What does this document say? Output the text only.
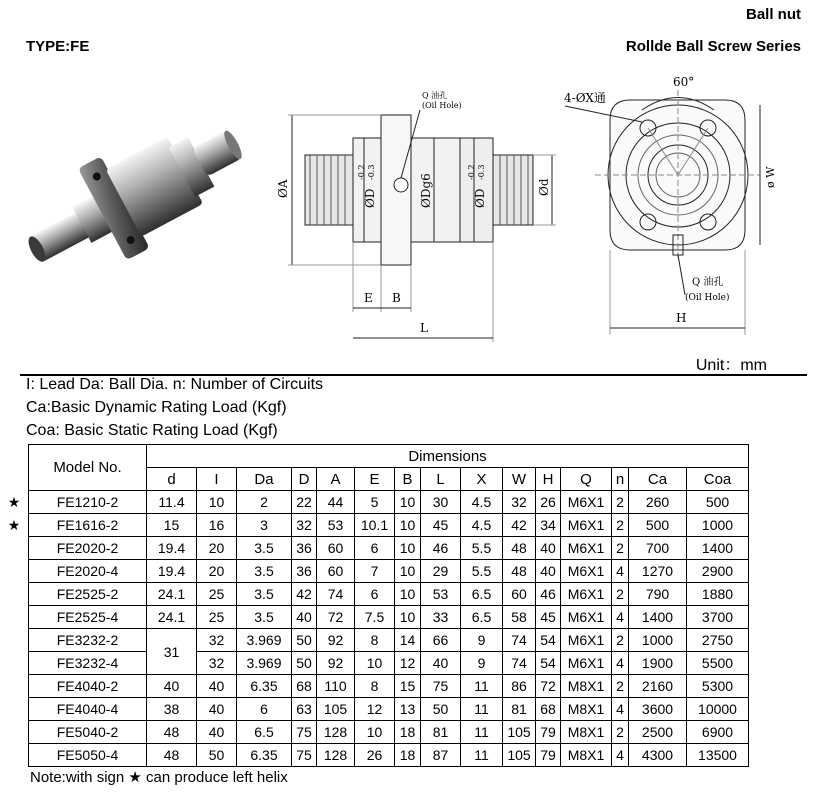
Ball nut
TYPE:FE	Rollde Ball Screw Series
Q 油孔
(Oil Hole)
ØA	ØD
-0.2 -0.3
ØDg6	ØD
-0.2 -0.3
Ød
E B
L
60°
4-ØX通
ø W
Q 油孔
(Oil Hole)
H
Unit：mm
I: Lead Da: Ball Dia. n: Number of Circuits
Ca:Basic Dynamic Rating Load (Kgf)
Coa: Basic Static Rating Load (Kgf)
★
★
Model No.	Dimensions														
	d	I	Da	D	A	E	B	L	X	W	H	Q	n	Ca	Coa
FE1210-2	11.4	10	2	22	44	5	10	30	4.5	32	26	M6X1	2	260	500
FE1616-2	15	16	3	32	53	10.1	10	45	4.5	42	34	M6X1	2	500	1000
FE2020-2	19.4	20	3.5	36	60	6	10	46	5.5	48	40	M6X1	2	700	1400
FE2020-4	19.4	20	3.5	36	60	7	10	29	5.5	48	40	M6X1	4	1270	2900
FE2525-2	24.1	25	3.5	42	74	6	10	53	6.5	60	46	M6X1	2	790	1880
FE2525-4	24.1	25	3.5	40	72	7.5	10	33	6.5	58	45	M6X1	4	1400	3700
FE3232-2	31	32	3.969	50	92	8	14	66	9	74	54	M6X1	2	1000	2750
FE3232-4		32	3.969	50	92	10	12	40	9	74	54	M6X1	4	1900	5500
FE4040-2	40	40	6.35	68	110	8	15	75	11	86	72	M8X1	2	2160	5300
FE4040-4	38	40	6	63	105	12	13	50	11	81	68	M8X1	4	3600	10000
FE5040-2	48	40	6.5	75	128	10	18	81	11	105	79	M8X1	2	2500	6900
FE5050-4	48	50	6.35	75	128	26	18	87	11	105	79	M8X1	4	4300	13500
Note:with sign ★ can produce left helix
